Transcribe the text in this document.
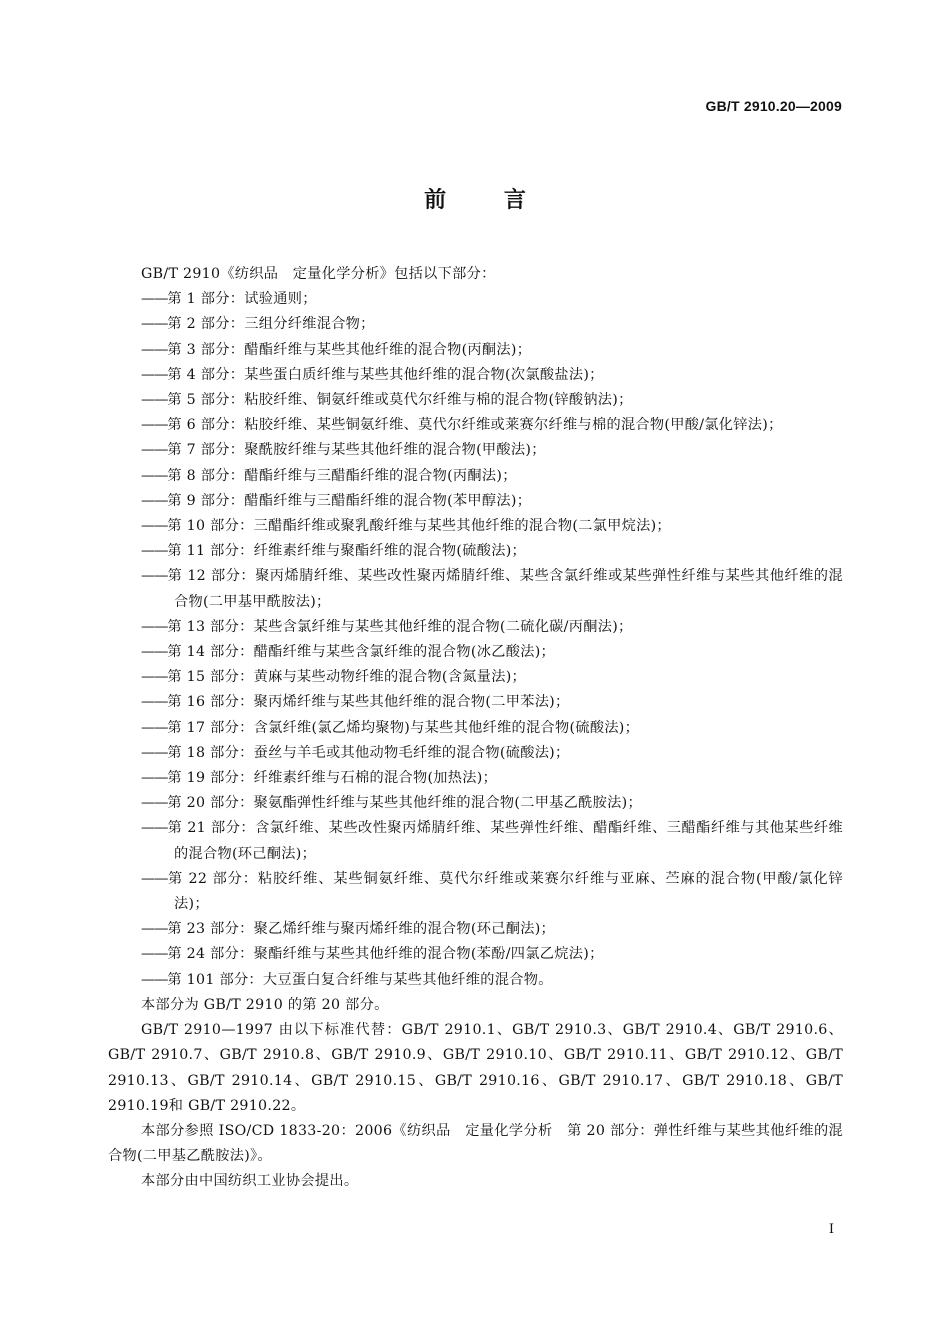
GB/T 2910.20—2009
前 言

GB/T 2910《纺织品　定量化学分析》包括以下部分：

——第 1 部分：试验通则；

——第 2 部分：三组分纤维混合物；

——第 3 部分：醋酯纤维与某些其他纤维的混合物(丙酮法)；

——第 4 部分：某些蛋白质纤维与某些其他纤维的混合物(次氯酸盐法)；

——第 5 部分：粘胶纤维、铜氨纤维或莫代尔纤维与棉的混合物(锌酸钠法)；

——第 6 部分：粘胶纤维、某些铜氨纤维、莫代尔纤维或莱赛尔纤维与棉的混合物(甲酸/氯化锌法)；

——第 7 部分：聚酰胺纤维与某些其他纤维的混合物(甲酸法)；

——第 8 部分：醋酯纤维与三醋酯纤维的混合物(丙酮法)；

——第 9 部分：醋酯纤维与三醋酯纤维的混合物(苯甲醇法)；

——第 10 部分：三醋酯纤维或聚乳酸纤维与某些其他纤维的混合物(二氯甲烷法)；

——第 11 部分：纤维素纤维与聚酯纤维的混合物(硫酸法)；

——第 12 部分：聚丙烯腈纤维、某些改性聚丙烯腈纤维、某些含氯纤维或某些弹性纤维与某些其他纤维的混合物(二甲基甲酰胺法)；

——第 13 部分：某些含氯纤维与某些其他纤维的混合物(二硫化碳/丙酮法)；

——第 14 部分：醋酯纤维与某些含氯纤维的混合物(冰乙酸法)；

——第 15 部分：黄麻与某些动物纤维的混合物(含氮量法)；

——第 16 部分：聚丙烯纤维与某些其他纤维的混合物(二甲苯法)；

——第 17 部分：含氯纤维(氯乙烯均聚物)与某些其他纤维的混合物(硫酸法)；

——第 18 部分：蚕丝与羊毛或其他动物毛纤维的混合物(硫酸法)；

——第 19 部分：纤维素纤维与石棉的混合物(加热法)；

——第 20 部分：聚氨酯弹性纤维与某些其他纤维的混合物(二甲基乙酰胺法)；

——第 21 部分：含氯纤维、某些改性聚丙烯腈纤维、某些弹性纤维、醋酯纤维、三醋酯纤维与其他某些纤维的混合物(环己酮法)；

——第 22 部分：粘胶纤维、某些铜氨纤维、莫代尔纤维或莱赛尔纤维与亚麻、苎麻的混合物(甲酸/氯化锌法)；

——第 23 部分：聚乙烯纤维与聚丙烯纤维的混合物(环己酮法)；

——第 24 部分：聚酯纤维与某些其他纤维的混合物(苯酚/四氯乙烷法)；

——第 101 部分：大豆蛋白复合纤维与某些其他纤维的混合物。

本部分为 GB/T 2910 的第 20 部分。

GB/T 2910—1997 由以下标准代替：GB/T 2910.1、GB/T 2910.3、GB/T 2910.4、GB/T 2910.6、GB/T 2910.7、GB/T 2910.8、GB/T 2910.9、GB/T 2910.10、GB/T 2910.11、GB/T 2910.12、GB/T 2910.13、GB/T 2910.14、GB/T 2910.15、GB/T 2910.16、GB/T 2910.17、GB/T 2910.18、GB/T 2910.19和 GB/T 2910.22。

本部分参照 ISO/CD 1833-20：2006《纺织品　定量化学分析　第 20 部分：弹性纤维与某些其他纤维的混合物(二甲基乙酰胺法)》。

本部分由中国纺织工业协会提出。

I
